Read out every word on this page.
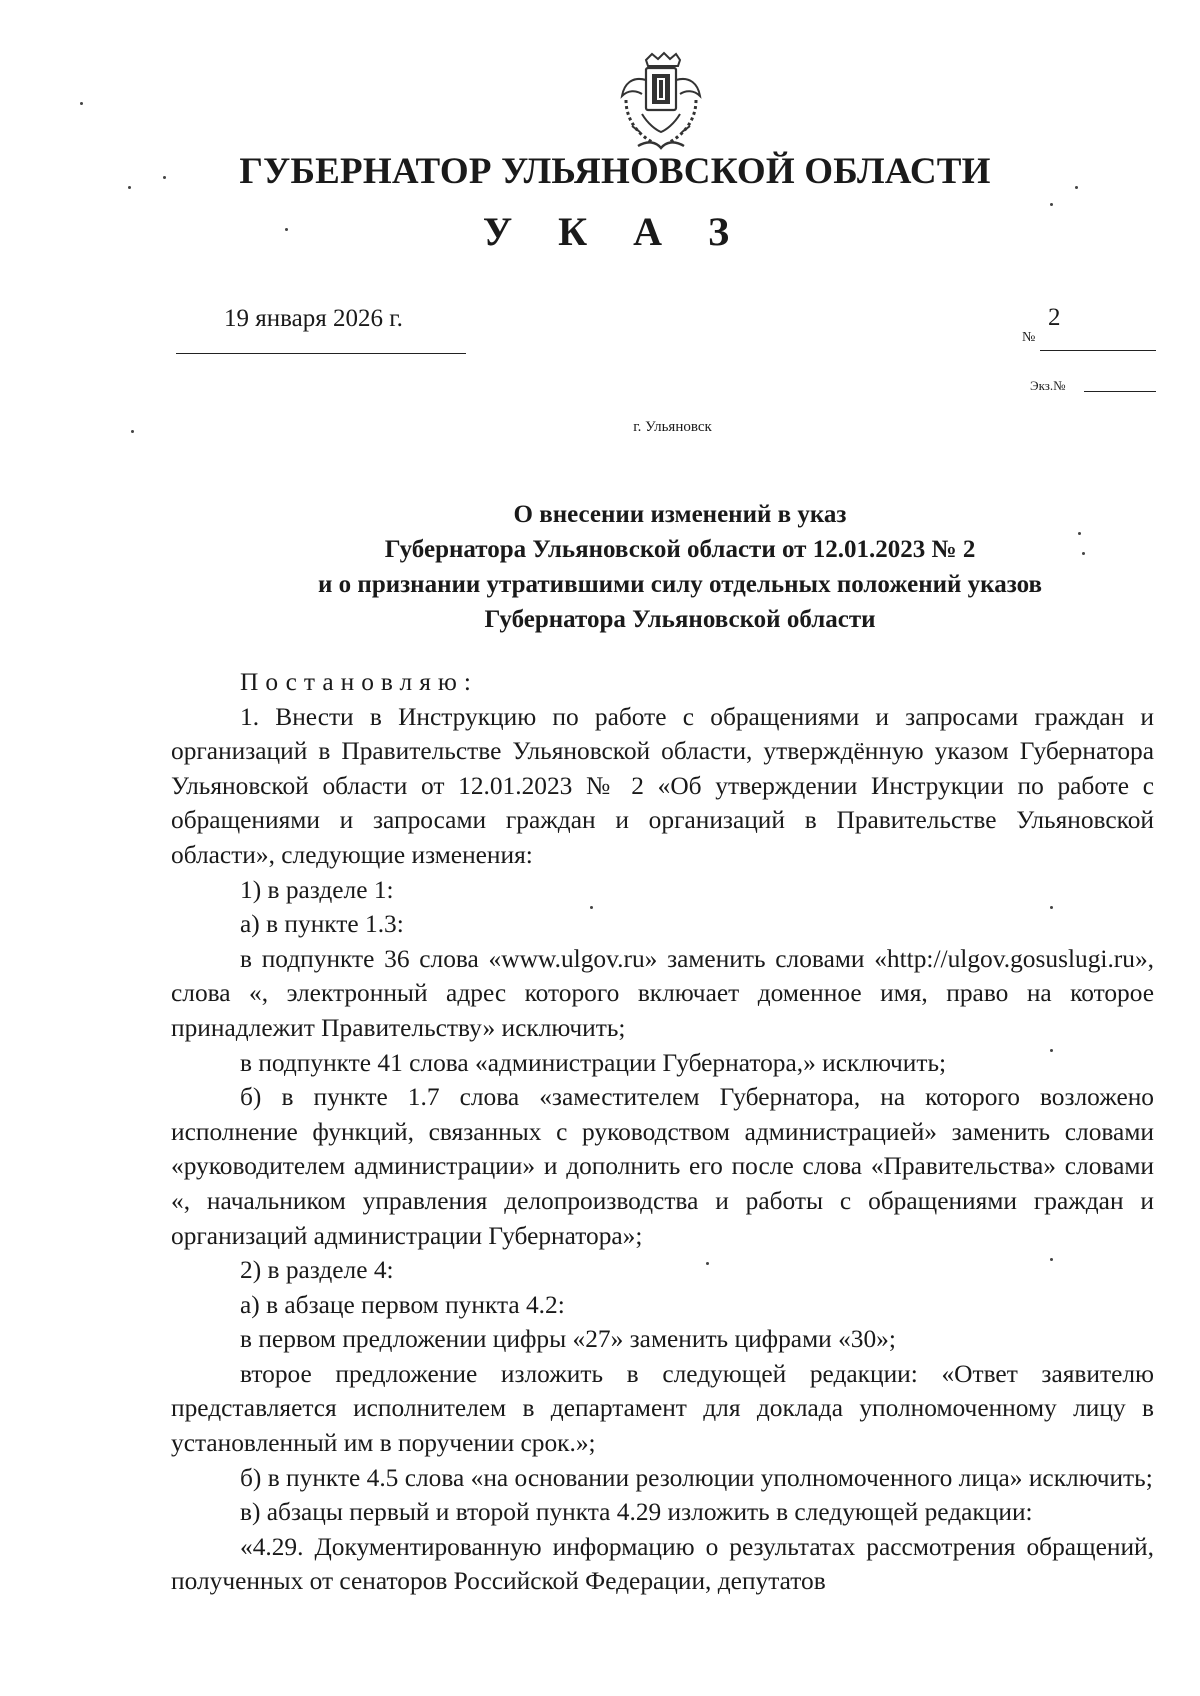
ГУБЕРНАТОР УЛЬЯНОВСКОЙ ОБЛАСТИ
У К А З
19 января 2026 г.
№
2
Экз.№
г. Ульяновск
О внесении изменений в указ
Губернатора Ульяновской области от 12.01.2023 № 2
и о признании утратившими силу отдельных положений указов
Губернатора Ульяновской области

Постановляю:

1. Внести в Инструкцию по работе с обращениями и запросами граждан и организаций в Правительстве Ульяновской области, утверждённую указом Губернатора Ульяновской области от 12.01.2023 № 2 «Об утверждении Инструкции по работе с обращениями и запросами граждан и организаций в Правительстве Ульяновской области», следующие изменения:

1) в разделе 1:

а) в пункте 1.3:

в подпункте 36 слова «www.ulgov.ru» заменить словами «http://ulgov.gosuslugi.ru», слова «, электронный адрес которого включает доменное имя, право на которое принадлежит Правительству» исключить;

в подпункте 41 слова «администрации Губернатора,» исключить;

б) в пункте 1.7 слова «заместителем Губернатора, на которого возложено исполнение функций, связанных с руководством администрацией» заменить словами «руководителем администрации» и дополнить его после слова «Правительства» словами «, начальником управления делопроизводства и работы с обращениями граждан и организаций администрации Губернатора»;

2) в разделе 4:

а) в абзаце первом пункта 4.2:

в первом предложении цифры «27» заменить цифрами «30»;

второе предложение изложить в следующей редакции: «Ответ заявителю представляется исполнителем в департамент для доклада уполномоченному лицу в установленный им в поручении срок.»;

б) в пункте 4.5 слова «на основании резолюции уполномоченного лица» исключить;

в) абзацы первый и второй пункта 4.29 изложить в следующей редакции:

«4.29. Документированную информацию о результатах рассмотрения обращений, полученных от сенаторов Российской Федерации, депутатов
